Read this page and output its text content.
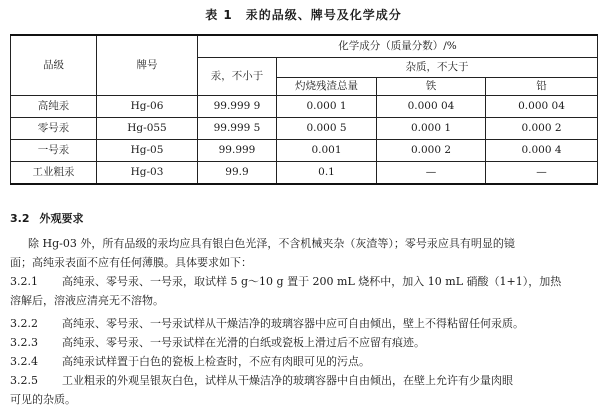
表 1　汞的品级、牌号及化学成分
品级	牌号	化学成分（质量分数）/%			
		汞，不小于	杂质，不大于		
			灼烧残渣总量	铁	铅
高纯汞	Hg-06	99.999 9	0.000 1	0.000 04	0.000 04
零号汞	Hg-055	99.999 5	0.000 5	0.000 1	0.000 2
一号汞	Hg-05	99.999	0.001	0.000 2	0.000 4
工业粗汞	Hg-03	99.9	0.1	—	—
3.2 外观要求
除 Hg-03 外，所有品级的汞均应具有银白色光泽，不含机械夹杂（灰渣等）；零号汞应具有明显的镜
面；高纯汞表面不应有任何薄膜。具体要求如下：
3.2.1 高纯汞、零号汞、一号汞，取试样 5 g～10 g 置于 200 mL 烧杯中，加入 10 mL 硝酸（1+1），加热
溶解后，溶液应清亮无不溶物。
3.2.2 高纯汞、零号汞、一号汞试样从干燥洁净的玻璃容器中应可自由倾出，壁上不得粘留任何汞质。
3.2.3 高纯汞、零号汞、一号汞试样在光滑的白纸或瓷板上滑过后不应留有痕迹。
3.2.4 高纯汞试样置于白色的瓷板上检查时，不应有肉眼可见的污点。
3.2.5 工业粗汞的外观呈银灰白色，试样从干燥洁净的玻璃容器中自由倾出，在壁上允许有少量肉眼
可见的杂质。
